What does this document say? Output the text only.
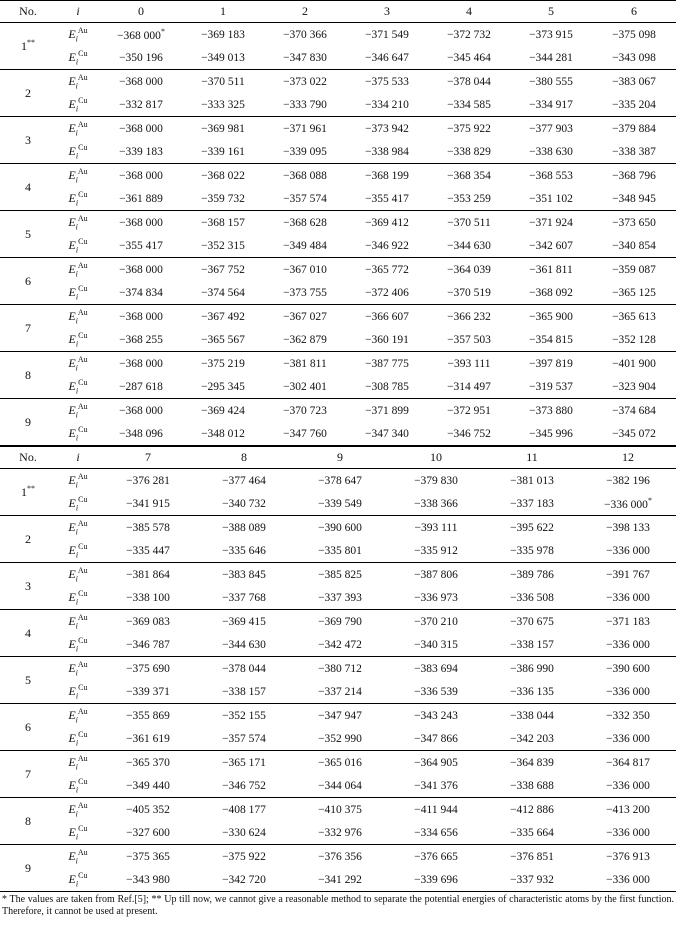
No.	i	0	1	2	3	4	5	6
1**	$E_i^{Au}$	−368 000*	−369 183	−370 366	−371 549	−372 732	−373 915	−375 098
	$E_i^{Cu}$	−350 196	−349 013	−347 830	−346 647	−345 464	−344 281	−343 098
2	$E_i^{Au}$	−368 000	−370 511	−373 022	−375 533	−378 044	−380 555	−383 067
	$E_i^{Cu}$	−332 817	−333 325	−333 790	−334 210	−334 585	−334 917	−335 204
3	$E_i^{Au}$	−368 000	−369 981	−371 961	−373 942	−375 922	−377 903	−379 884
	$E_i^{Cu}$	−339 183	−339 161	−339 095	−338 984	−338 829	−338 630	−338 387
4	$E_i^{Au}$	−368 000	−368 022	−368 088	−368 199	−368 354	−368 553	−368 796
	$E_i^{Cu}$	−361 889	−359 732	−357 574	−355 417	−353 259	−351 102	−348 945
5	$E_i^{Au}$	−368 000	−368 157	−368 628	−369 412	−370 511	−371 924	−373 650
	$E_i^{Cu}$	−355 417	−352 315	−349 484	−346 922	−344 630	−342 607	−340 854
6	$E_i^{Au}$	−368 000	−367 752	−367 010	−365 772	−364 039	−361 811	−359 087
	$E_i^{Cu}$	−374 834	−374 564	−373 755	−372 406	−370 519	−368 092	−365 125
7	$E_i^{Au}$	−368 000	−367 492	−367 027	−366 607	−366 232	−365 900	−365 613
	$E_i^{Cu}$	−368 255	−365 567	−362 879	−360 191	−357 503	−354 815	−352 128
8	$E_i^{Au}$	−368 000	−375 219	−381 811	−387 775	−393 111	−397 819	−401 900
	$E_i^{Cu}$	−287 618	−295 345	−302 401	−308 785	−314 497	−319 537	−323 904
9	$E_i^{Au}$	−368 000	−369 424	−370 723	−371 899	−372 951	−373 880	−374 684
	$E_i^{Cu}$	−348 096	−348 012	−347 760	−347 340	−346 752	−345 996	−345 072
No.	i	7	8	9	10	11	12
1**	$E_i^{Au}$	−376 281	−377 464	−378 647	−379 830	−381 013	−382 196
	$E_i^{Cu}$	−341 915	−340 732	−339 549	−338 366	−337 183	−336 000*
2	$E_i^{Au}$	−385 578	−388 089	−390 600	−393 111	−395 622	−398 133
	$E_i^{Cu}$	−335 447	−335 646	−335 801	−335 912	−335 978	−336 000
3	$E_i^{Au}$	−381 864	−383 845	−385 825	−387 806	−389 786	−391 767
	$E_i^{Cu}$	−338 100	−337 768	−337 393	−336 973	−336 508	−336 000
4	$E_i^{Au}$	−369 083	−369 415	−369 790	−370 210	−370 675	−371 183
	$E_i^{Cu}$	−346 787	−344 630	−342 472	−340 315	−338 157	−336 000
5	$E_i^{Au}$	−375 690	−378 044	−380 712	−383 694	−386 990	−390 600
	$E_i^{Cu}$	−339 371	−338 157	−337 214	−336 539	−336 135	−336 000
6	$E_i^{Au}$	−355 869	−352 155	−347 947	−343 243	−338 044	−332 350
	$E_i^{Cu}$	−361 619	−357 574	−352 990	−347 866	−342 203	−336 000
7	$E_i^{Au}$	−365 370	−365 171	−365 016	−364 905	−364 839	−364 817
	$E_i^{Cu}$	−349 440	−346 752	−344 064	−341 376	−338 688	−336 000
8	$E_i^{Au}$	−405 352	−408 177	−410 375	−411 944	−412 886	−413 200
	$E_i^{Cu}$	−327 600	−330 624	−332 976	−334 656	−335 664	−336 000
9	$E_i^{Au}$	−375 365	−375 922	−376 356	−376 665	−376 851	−376 913
	$E_i^{Cu}$	−343 980	−342 720	−341 292	−339 696	−337 932	−336 000
* The values are taken from Ref.[5]; ** Up till now, we cannot give a reasonable method to separate the potential energies of characteristic atoms by the first function. Therefore, it cannot be used at present.
